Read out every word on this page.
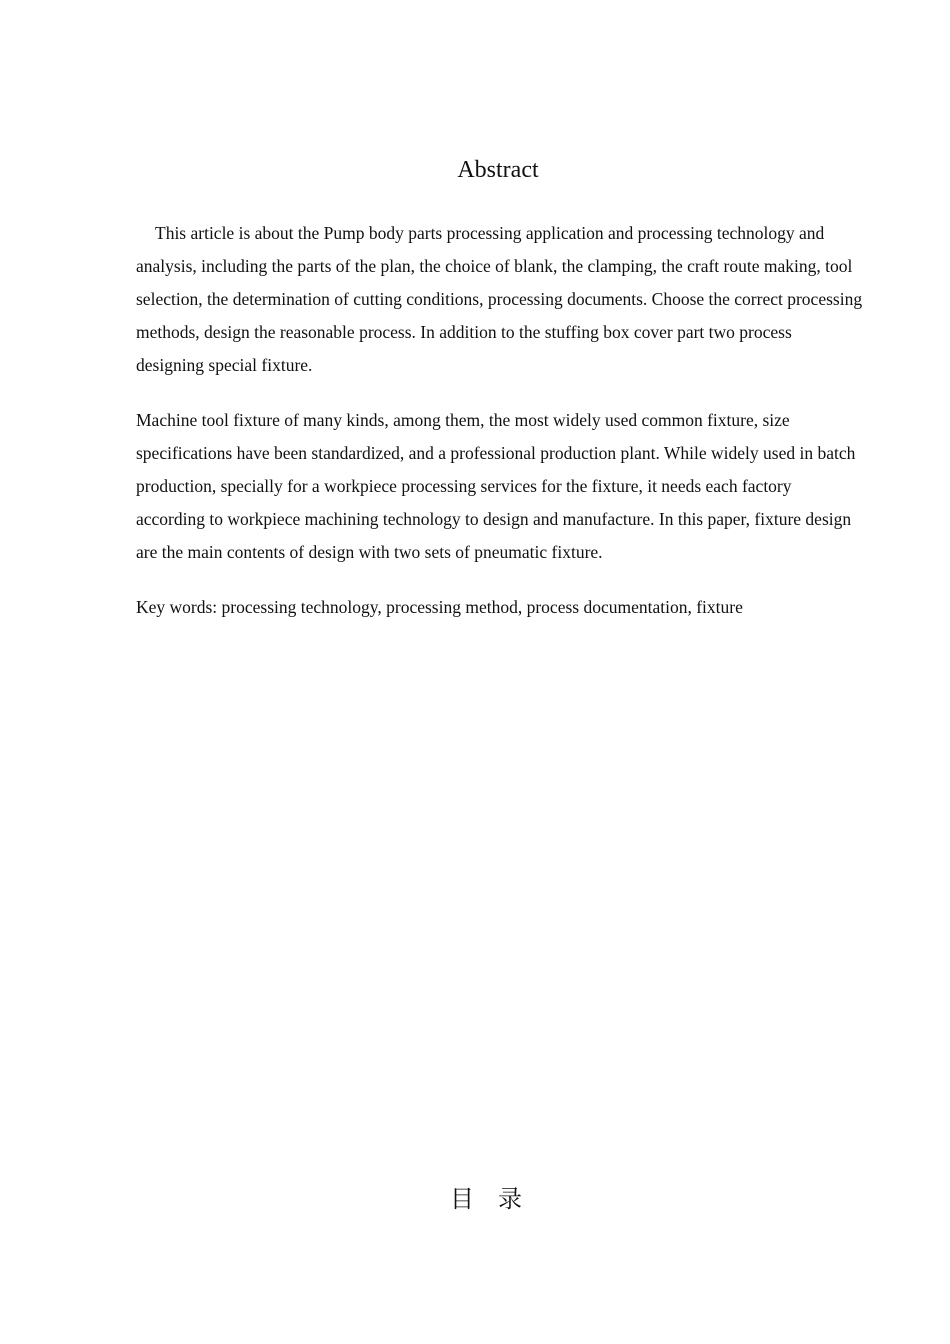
Abstract

This article is about the Pump body parts processing application and processing technology and analysis, including the parts of the plan, the choice of blank, the clamping, the craft route making, tool selection, the determination of cutting conditions, processing documents. Choose the correct processing methods, design the reasonable process. In addition to the stuffing box cover part two process designing special fixture.

Machine tool fixture of many kinds, among them, the most widely used common fixture, size specifications have been standardized, and a professional production plant. While widely used in batch production, specially for a workpiece processing services for the fixture, it needs each factory according to workpiece machining technology to design and manufacture. In this paper, fixture design are the main contents of design with two sets of pneumatic fixture.

Key words: processing technology, processing method, process documentation, fixture

目录
